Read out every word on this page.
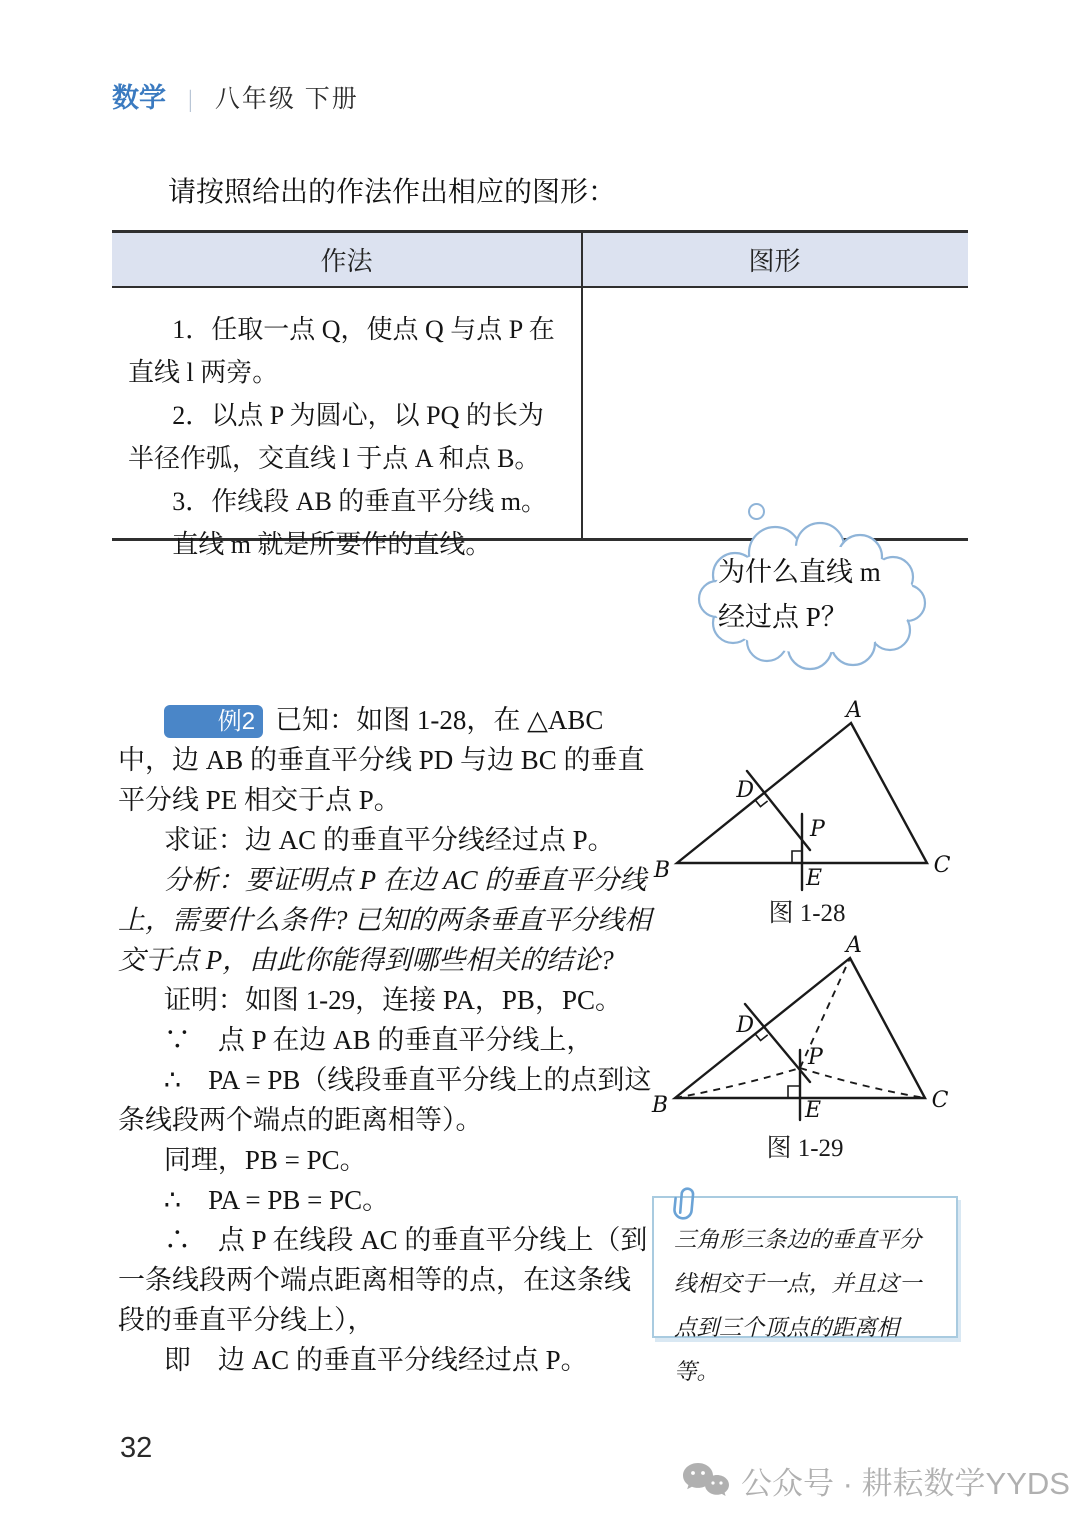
数学 | 八年级 下册
请按照给出的作法作出相应的图形：
作法	图形

1．任取一点 Q，使点 Q 与点 P 在直线 l 两旁。

2．以点 P 为圆心，以 PQ 的长为半径作弧，交直线 l 于点 A 和点 B。

3．作线段 AB 的垂直平分线 m。

直线 m 就是所要作的直线。

为什么直线 m
经过点 P？

例2 已知：如图 1-28，在 △ABC 中，边 AB 的垂直平分线 PD 与边 BC 的垂直平分线 PE 相交于点 P。

求证：边 AC 的垂直平分线经过点 P。

分析：要证明点 P 在边 AC 的垂直平分线上，需要什么条件? 已知的两条垂直平分线相交于点 P，由此你能得到哪些相关的结论?

证明：如图 1-29，连接 PA，PB，PC。

∵　点 P 在边 AB 的垂直平分线上，

∴　PA = PB（线段垂直平分线上的点到这条线段两个端点的距离相等）。

同理，PB = PC。

∴　PA = PB = PC。

∴　点 P 在线段 AC 的垂直平分线上（到一条线段两个端点距离相等的点，在这条线段的垂直平分线上），

即　边 AC 的垂直平分线经过点 P。

A
B	C
D
P
E
图 1-28
A
B	C
D
P
E
图 1-29
三角形三条边的垂直平分线相交于一点，并且这一点到三个顶点的距离相等。
32
公众号 · 耕耘数学YYDS
